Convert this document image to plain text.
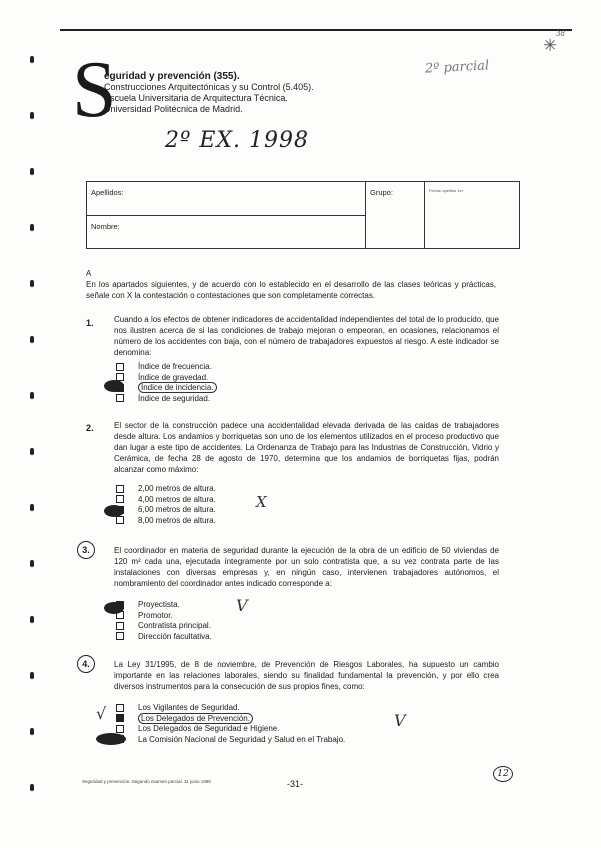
38
✳
2º parcial
S
eguridad y prevención (355).
Construcciones Arquitectónicas y su Control (5.405).
Escuela Universitaria de Arquitectura Técnica.
Universidad Politécnica de Madrid.
2º EX. 1998
Apellidos:	Grupo:	Fecha/ apellido 1er
Nombre:
A
En los apartados siguientes, y de acuerdo con lo establecido en el desarrollo de las clases teóricas y prácticas, señale con X la contestación o contestaciones que son completamente correctas.
1.	Cuando a los efectos de obtener indicadores de accidentalidad independientes del total de lo producido, que nos ilustren acerca de si las condiciones de trabajo mejoran o empeoran, en ocasiones, relacionamos el número de los accidentes con baja, con el número de trabajadores expuestos al riesgo. A este indicador se denomina:
Índice de frecuencia.
Índice de gravedad.
Índice de incidencia.
Índice de seguridad.
2.	El sector de la construcción padece una accidentalidad elevada derivada de las caídas de trabajadores desde altura. Los andamios y borriquetas son uno de los elementos utilizados en el proceso productivo que dan lugar a este tipo de accidentes. La Ordenanza de Trabajo para las Industrias de Construcción, Vidrio y Cerámica, de fecha 28 de agosto de 1970, determina que los andamios de borriquetas fijas, podrán alcanzar como máximo:
2,00 metros de altura.
4,00 metros de altura.
6,00 metros de altura.
8,00 metros de altura.
X
3.	El coordinador en materia de seguridad durante la ejecución de la obra de un edificio de 50 viviendas de 120 m² cada una, ejecutada íntegramente por un solo contratista que, a su vez contrata parte de las instalaciones con diversas empresas y, en ningún caso, intervienen trabajadores autónomos, el nombramiento del coordinador antes indicado corresponde a:
Proyectista.
Promotor.
Contratista principal.
Dirección facultativa.
V
4.	La Ley 31/1995, de 8 de noviembre, de Prevención de Riesgos Laborales, ha supuesto un cambio importante en las relaciones laborales, siendo su finalidad fundamental la prevención, y por ello crea diversos instrumentos para la consecución de sus propios fines, como:
Los Vigilantes de Seguridad.
Los Delegados de Prevención.
Los Delegados de Seguridad e Higiene.
La Comisión Nacional de Seguridad y Salud en el Trabajo.
√	V
Seguridad y prevención. Segundo examen parcial. 11 junio 1998	-31-
12
